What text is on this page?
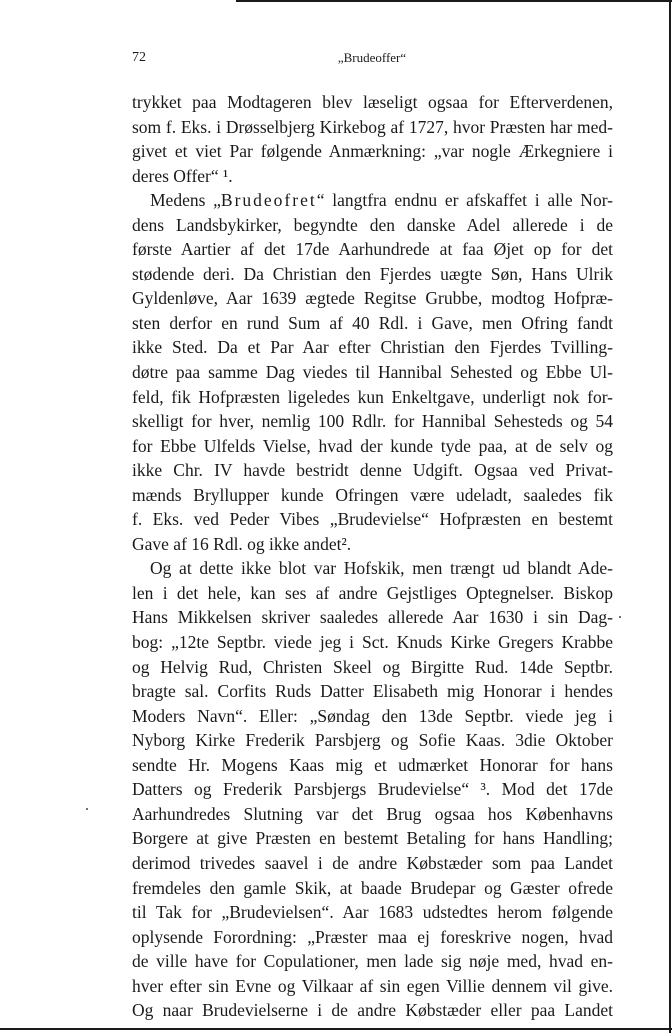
72	„Brudeoffer“
trykket paa Modtageren blev læseligt ogsaa for Efterverdenen,
som f. Eks. i Drøsselbjerg Kirkebog af 1727, hvor Præsten har med-
givet et viet Par følgende Anmærkning: „var nogle Ærkegniere i
deres Offer“ ¹.
Medens „Brudeofret“ langtfra endnu er afskaffet i alle Nor-
dens Landsbykirker, begyndte den danske Adel allerede i de
første Aartier af det 17de Aarhundrede at faa Øjet op for det
stødende deri. Da Christian den Fjerdes uægte Søn, Hans Ulrik
Gyldenløve, Aar 1639 ægtede Regitse Grubbe, modtog Hofpræ-
sten derfor en rund Sum af 40 Rdl. i Gave, men Ofring fandt
ikke Sted. Da et Par Aar efter Christian den Fjerdes Tvilling-
døtre paa samme Dag viedes til Hannibal Sehested og Ebbe Ul-
feld, fik Hofpræsten ligeledes kun Enkeltgave, underligt nok for-
skelligt for hver, nemlig 100 Rdlr. for Hannibal Sehesteds og 54
for Ebbe Ulfelds Vielse, hvad der kunde tyde paa, at de selv og
ikke Chr. IV havde bestridt denne Udgift. Ogsaa ved Privat-
mænds Bryllupper kunde Ofringen være udeladt, saaledes fik
f. Eks. ved Peder Vibes „Brudevielse“ Hofpræsten en bestemt
Gave af 16 Rdl. og ikke andet².
Og at dette ikke blot var Hofskik, men trængt ud blandt Ade-
len i det hele, kan ses af andre Gejstliges Optegnelser. Biskop
Hans Mikkelsen skriver saaledes allerede Aar 1630 i sin Dag-
bog: „12te Septbr. viede jeg i Sct. Knuds Kirke Gregers Krabbe
og Helvig Rud, Christen Skeel og Birgitte Rud. 14de Septbr.
bragte sal. Corfits Ruds Datter Elisabeth mig Honorar i hendes
Moders Navn“. Eller: „Søndag den 13de Septbr. viede jeg i
Nyborg Kirke Frederik Parsbjerg og Sofie Kaas. 3die Oktober
sendte Hr. Mogens Kaas mig et udmærket Honorar for hans
Datters og Frederik Parsbjergs Brudevielse“ ³. Mod det 17de
Aarhundredes Slutning var det Brug ogsaa hos Københavns
Borgere at give Præsten en bestemt Betaling for hans Handling;
derimod trivedes saavel i de andre Købstæder som paa Landet
fremdeles den gamle Skik, at baade Brudepar og Gæster ofrede
til Tak for „Brudevielsen“. Aar 1683 udstedtes herom følgende
oplysende Forordning: „Præster maa ej foreskrive nogen, hvad
de ville have for Copulationer, men lade sig nøje med, hvad en-
hver efter sin Evne og Vilkaar af sin egen Villie dennem vil give.
Og naar Brudevielserne i de andre Købstæder eller paa Landet
